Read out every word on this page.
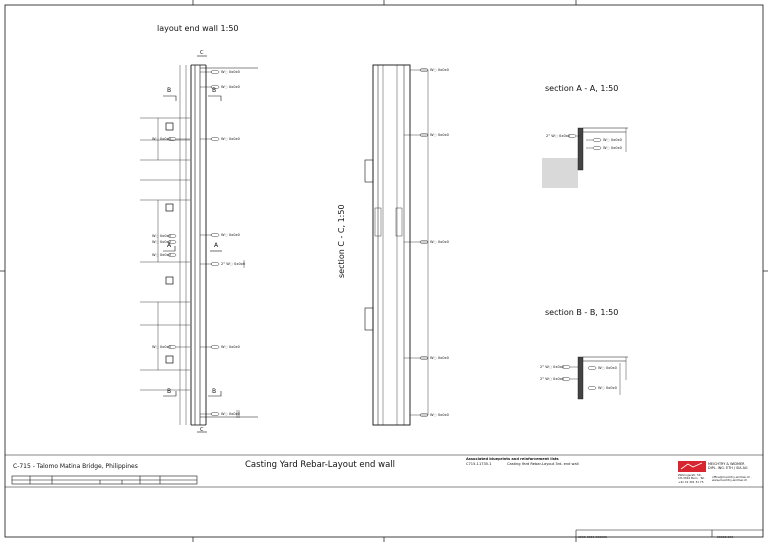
layout end wall 1:50
section C - C, 1:50
section A - A, 1:50
section B - B, 1:50
B	B
B	B
A	A
C
C
W◌ 0x0x0
W◌ 0x0x0
W◌ 0x0x0
W◌ 0x0x0
W◌ 0x0x0
2° W◌ 0x0x0
W◌ 0x0x0
W◌ 0x0x0
W◌ 0x0x0
W◌ 0x0x0
W◌ 0x0x0
W◌ 0x0x0
W◌ 0x0x0
W◌ 0x0x0
W◌ 0x0x0
W◌ 0x0x0
W◌ 0x0x0
2° W◌ 0x0x0
W◌ 0x0x0
W◌ 0x0x0
2° W◌ 0x0x0
2° W◌ 0x0x0
W◌ 0x0x0
W◌ 0x0x0
C-715 - Talomo Matina Bridge, Philippines	Casting Yard Rebar-Layout end wall
Associated blueprints and reinforcement lists
C715-11735.1	Casting Yard Rebar-Layout 3rd. end wall	MEICHTRY & WIDMER
DIPL. ING. ETH / SIA AG
Zähringerstr. 59 · CH-3012 Bern · Tel. +41 31 301 31 75
office@meichtry-widmer.ch · www.meichtry-widmer.ch
0000-0000-000000	00000.000
